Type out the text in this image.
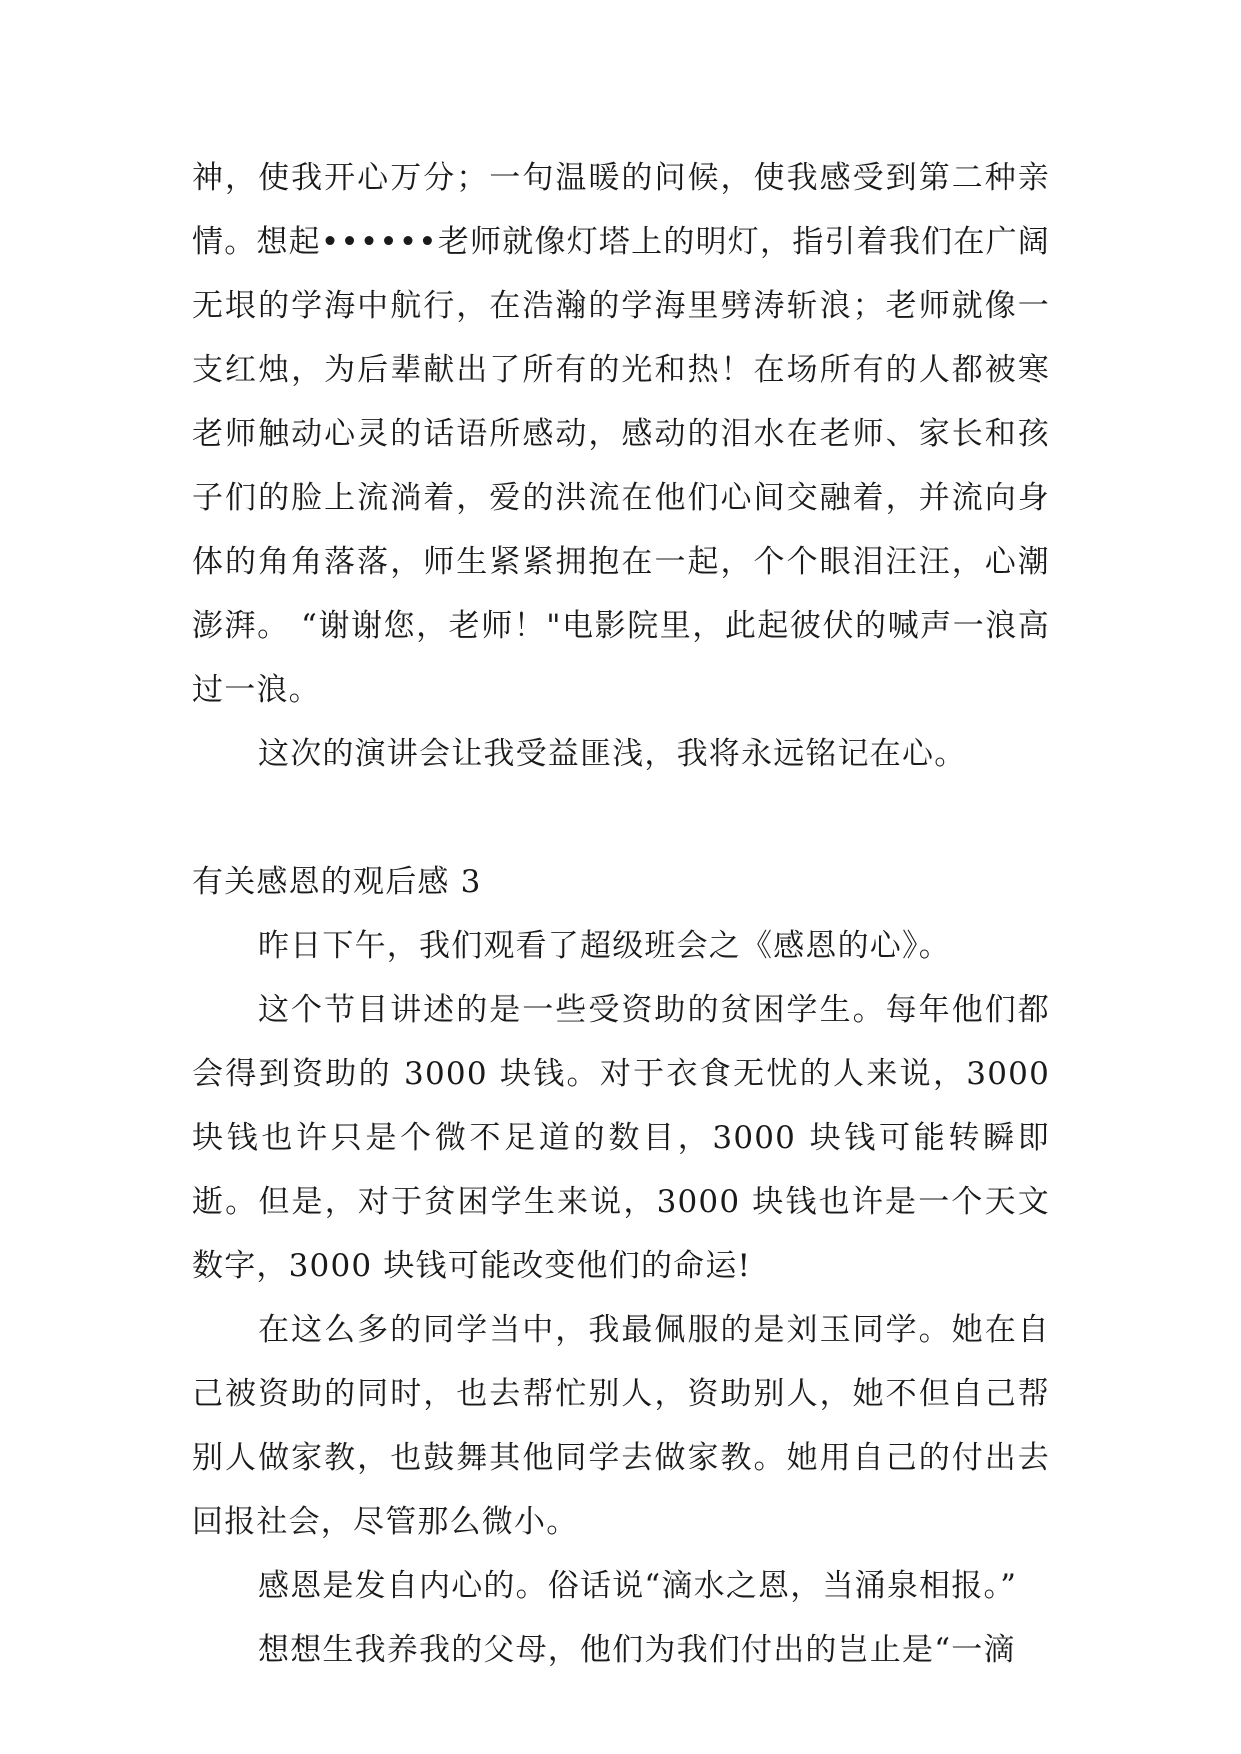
神，使我开心万分；一句温暖的问候，使我感受到第二种亲情。想起••••••老师就像灯塔上的明灯，指引着我们在广阔无垠的学海中航行，在浩瀚的学海里劈涛斩浪；老师就像一支红烛，为后辈献出了所有的光和热！在场所有的人都被寒老师触动心灵的话语所感动，感动的泪水在老师、家长和孩子们的脸上流淌着，爱的洪流在他们心间交融着，并流向身体的角角落落，师生紧紧拥抱在一起，个个眼泪汪汪，心潮澎湃。 “谢谢您，老师！"电影院里，此起彼伏的喊声一浪高过一浪。

这次的演讲会让我受益匪浅，我将永远铭记在心。

有关感恩的观后感 3

昨日下午，我们观看了超级班会之《感恩的心》。

这个节目讲述的是一些受资助的贫困学生。每年他们都会得到资助的 3000 块钱。对于衣食无忧的人来说，3000 块钱也许只是个微不足道的数目，3000 块钱可能转瞬即逝。但是，对于贫困学生来说，3000 块钱也许是一个天文数字，3000 块钱可能改变他们的命运!

在这么多的同学当中，我最佩服的是刘玉同学。她在自己被资助的同时，也去帮忙别人，资助别人，她不但自己帮别人做家教，也鼓舞其他同学去做家教。她用自己的付出去回报社会，尽管那么微小。

感恩是发自内心的。俗话说“滴水之恩，当涌泉相报。”

想想生我养我的父母，他们为我们付出的岂止是“一滴
